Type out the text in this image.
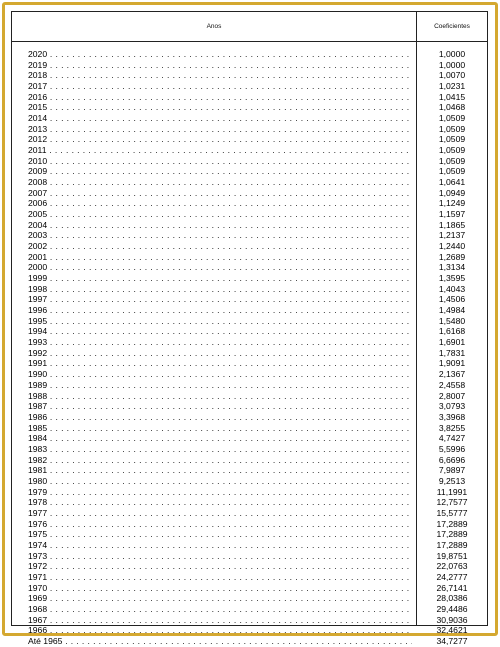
Anos	Coeficientes
2020 . . .	1,0000
2019 . . .	1,0000
2018 . . .	1,0070
2017 . . .	1,0231
2016 . . .	1,0415
2015 . . .	1,0468
2014 . . .	1,0509
2013 . . .	1,0509
2012 . . .	1,0509
2011 . . .	1,0509
2010 . . .	1,0509
2009 . . .	1,0509
2008 . . .	1,0641
2007 . . .	1,0949
2006 . . .	1,1249
2005 . . .	1,1597
2004 . . .	1,1865
2003 . . .	1,2137
2002 . . .	1,2440
2001 . . .	1,2689
2000 . . .	1,3134
1999 . . .	1,3595
1998 . . .	1,4043
1997 . . .	1,4506
1996 . . .	1,4984
1995 . . .	1,5480
1994 . . .	1,6168
1993 . . .	1,6901
1992 . . .	1,7831
1991 . . .	1,9091
1990 . . .	2,1367
1989 . . .	2,4558
1988 . . .	2,8007
1987 . . .	3,0793
1986 . . .	3,3968
1985 . . .	3,8255
1984 . . .	4,7427
1983 . . .	5,5996
1982 . . .	6,6696
1981 . . .	7,9897
1980 . . .	9,2513
1979 . . .	11,1991
1978 . . .	12,7577
1977 . . .	15,5777
1976 . . .	17,2889
1975 . . .	17,2889
1974 . . .	17,2889
1973 . . .	19,8751
1972 . . .	22,0763
1971 . . .	24,2777
1970 . . .	26,7141
1969 . . .	28,0386
1968 . . .	29,4486
1967 . . .	30,9036
1966 . . .	32,4621
Até 1965 . . .	34,7277
